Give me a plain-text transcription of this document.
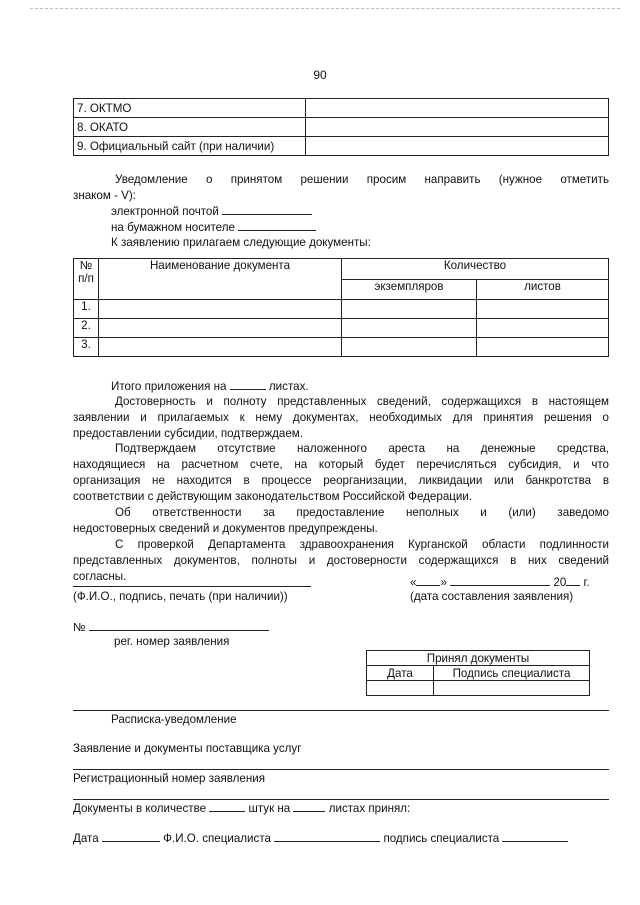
90
7. ОКТМО	
8. ОКАТО	
9. Официальный сайт (при наличии)	
Уведомление о принятом решении просим направить (нужное отметить
знаком - V):
электронной почтой
на бумажном носителе
К заявлению прилагаем следующие документы:
№
п/п	Наименование документа	Количество	
		экземпляров	листов
1.			
2.			
3.			
Итого приложения на	листах.
Достоверность и полноту представленных сведений, содержащихся в настоящем
заявлении и прилагаемых к нему документах, необходимых для принятия решения о
предоставлении субсидии, подтверждаем.
Подтверждаем отсутствие наложенного ареста на денежные средства,
находящиеся на расчетном счете, на который будет перечисляться субсидия, и что
организация не находится в процессе реорганизации, ликвидации или банкротства в
соответствии с действующим законодательством Российской Федерации.
Об ответственности за предоставление неполных и (или) заведомо
недостоверных сведений и документов предупреждены.
С проверкой Департамента здравоохранения Курганской области подлинности
представленных документов, полноты и достоверности содержащихся в них сведений
согласны.	« »	20 г.
(Ф.И.О., подпись, печать (при наличии))	(дата составления заявления)
№
рег. номер заявления
Принял документы	
Дата	Подпись специалиста

Расписка-уведомление
Заявление и документы поставщика услуг
Регистрационный номер заявления
Документы в количестве	штук на	листах принял:
Дата	Ф.И.О. специалиста	подпись специалиста
